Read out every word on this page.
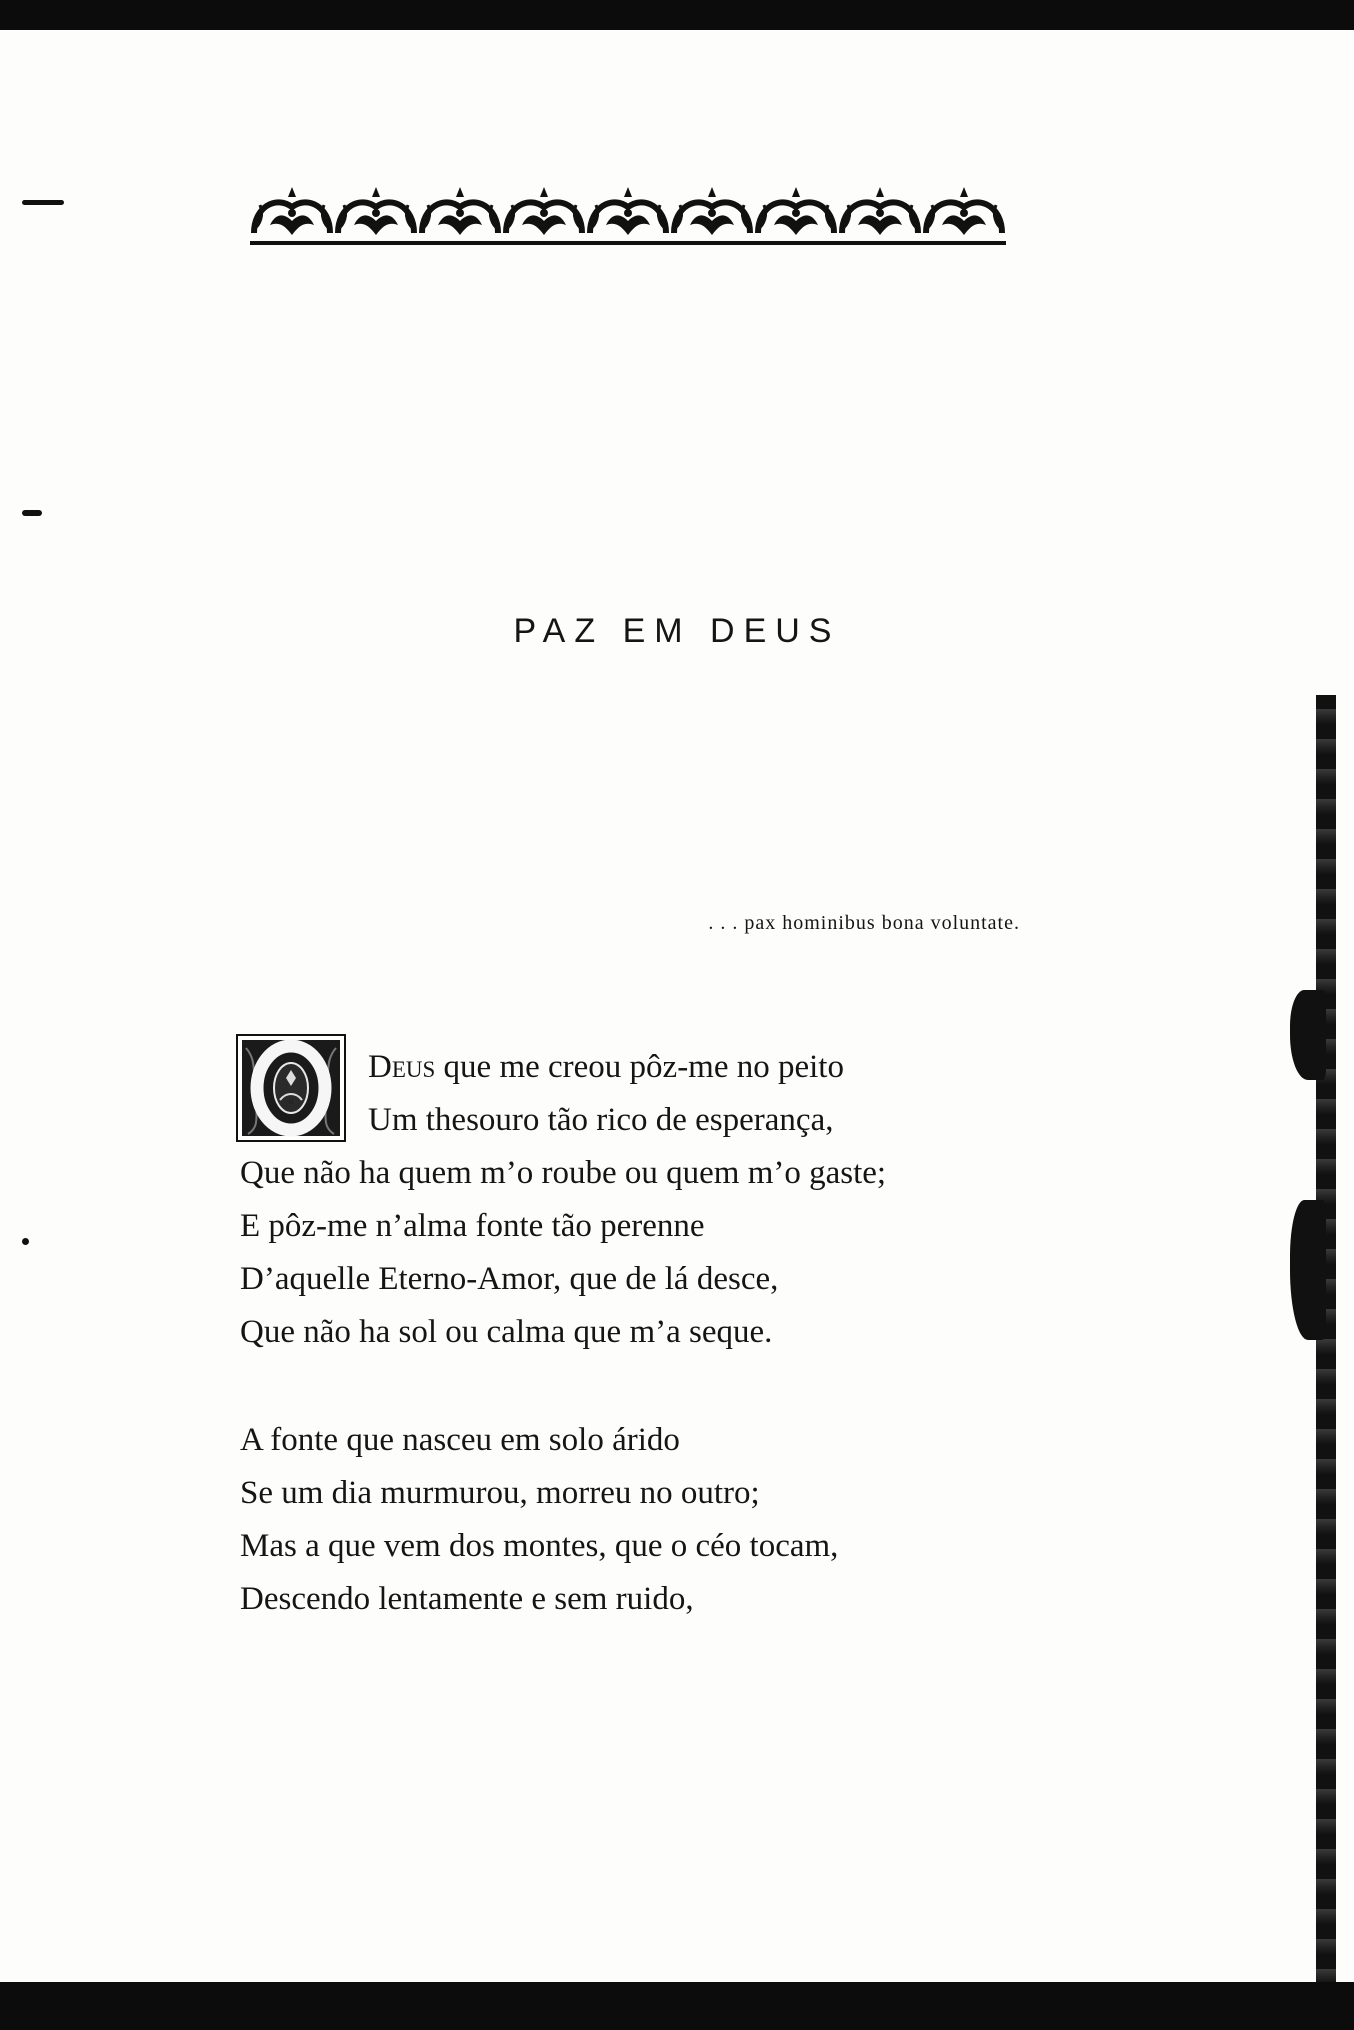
PAZ EM DEUS
. . . pax hominibus bona voluntate.
O
Deus que me creou pôz-me no peito
Um thesouro tão rico de esperança,
Que não ha quem m’o roube ou quem m’o gaste;
E pôz-me n’alma fonte tão perenne
D’aquelle Eterno-Amor, que de lá desce,
Que não ha sol ou calma que m’a seque.
A fonte que nasceu em solo árido
Se um dia murmurou, morreu no outro;
Mas a que vem dos montes, que o céo tocam,
Descendo lentamente e sem ruido,
